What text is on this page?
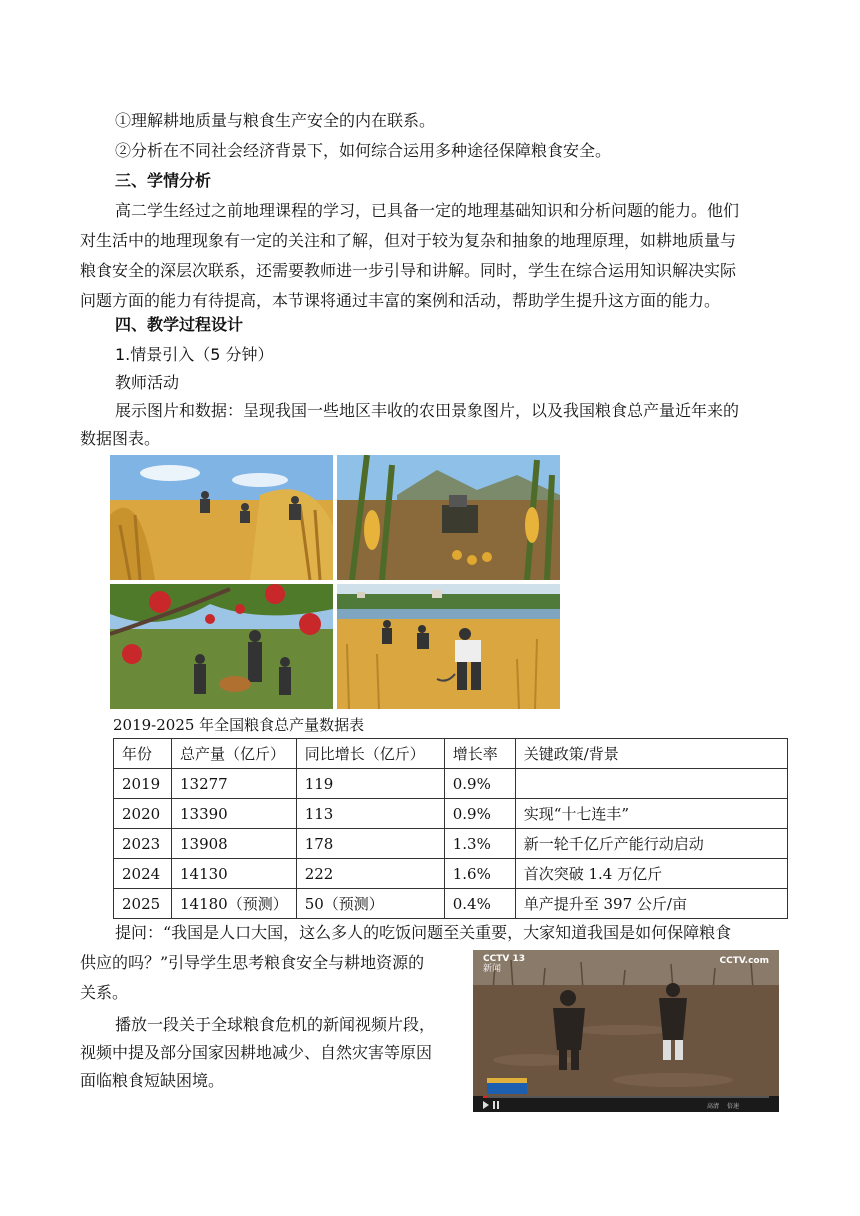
①理解耕地质量与粮食生产安全的内在联系。
②分析在不同社会经济背景下，如何综合运用多种途径保障粮食安全。
三、学情分析
高二学生经过之前地理课程的学习，已具备一定的地理基础知识和分析问题的能力。他们
对生活中的地理现象有一定的关注和了解，但对于较为复杂和抽象的地理原理，如耕地质量与
粮食安全的深层次联系，还需要教师进一步引导和讲解。同时，学生在综合运用知识解决实际
问题方面的能力有待提高，本节课将通过丰富的案例和活动，帮助学生提升这方面的能力。
四、教学过程设计
1.情景引入（5 分钟）
教师活动
展示图片和数据：呈现我国一些地区丰收的农田景象图片，以及我国粮食总产量近年来的
数据图表。
2019-2025 年全国粮食总产量数据表
年份	总产量（亿斤）	同比增长（亿斤）	增长率	关键政策/背景
2019	13277	119	0.9%	
2020	13390	113	0.9%	实现“十七连丰”
2023	13908	178	1.3%	新一轮千亿斤产能行动启动
2024	14130	222	1.6%	首次突破 1.4 万亿斤
2025	14180（预测）	50（预测）	0.4%	单产提升至 397 公斤/亩
提问：“我国是人口大国，这么多人的吃饭问题至关重要，大家知道我国是如何保障粮食
供应的吗？”引导学生思考粮食安全与耕地资源的
关系。
播放一段关于全球粮食危机的新闻视频片段，
视频中提及部分国家因耕地减少、自然灾害等原因
面临粮食短缺困境。
CCTV 13
新闻
CCTV.com
高清 倍速
